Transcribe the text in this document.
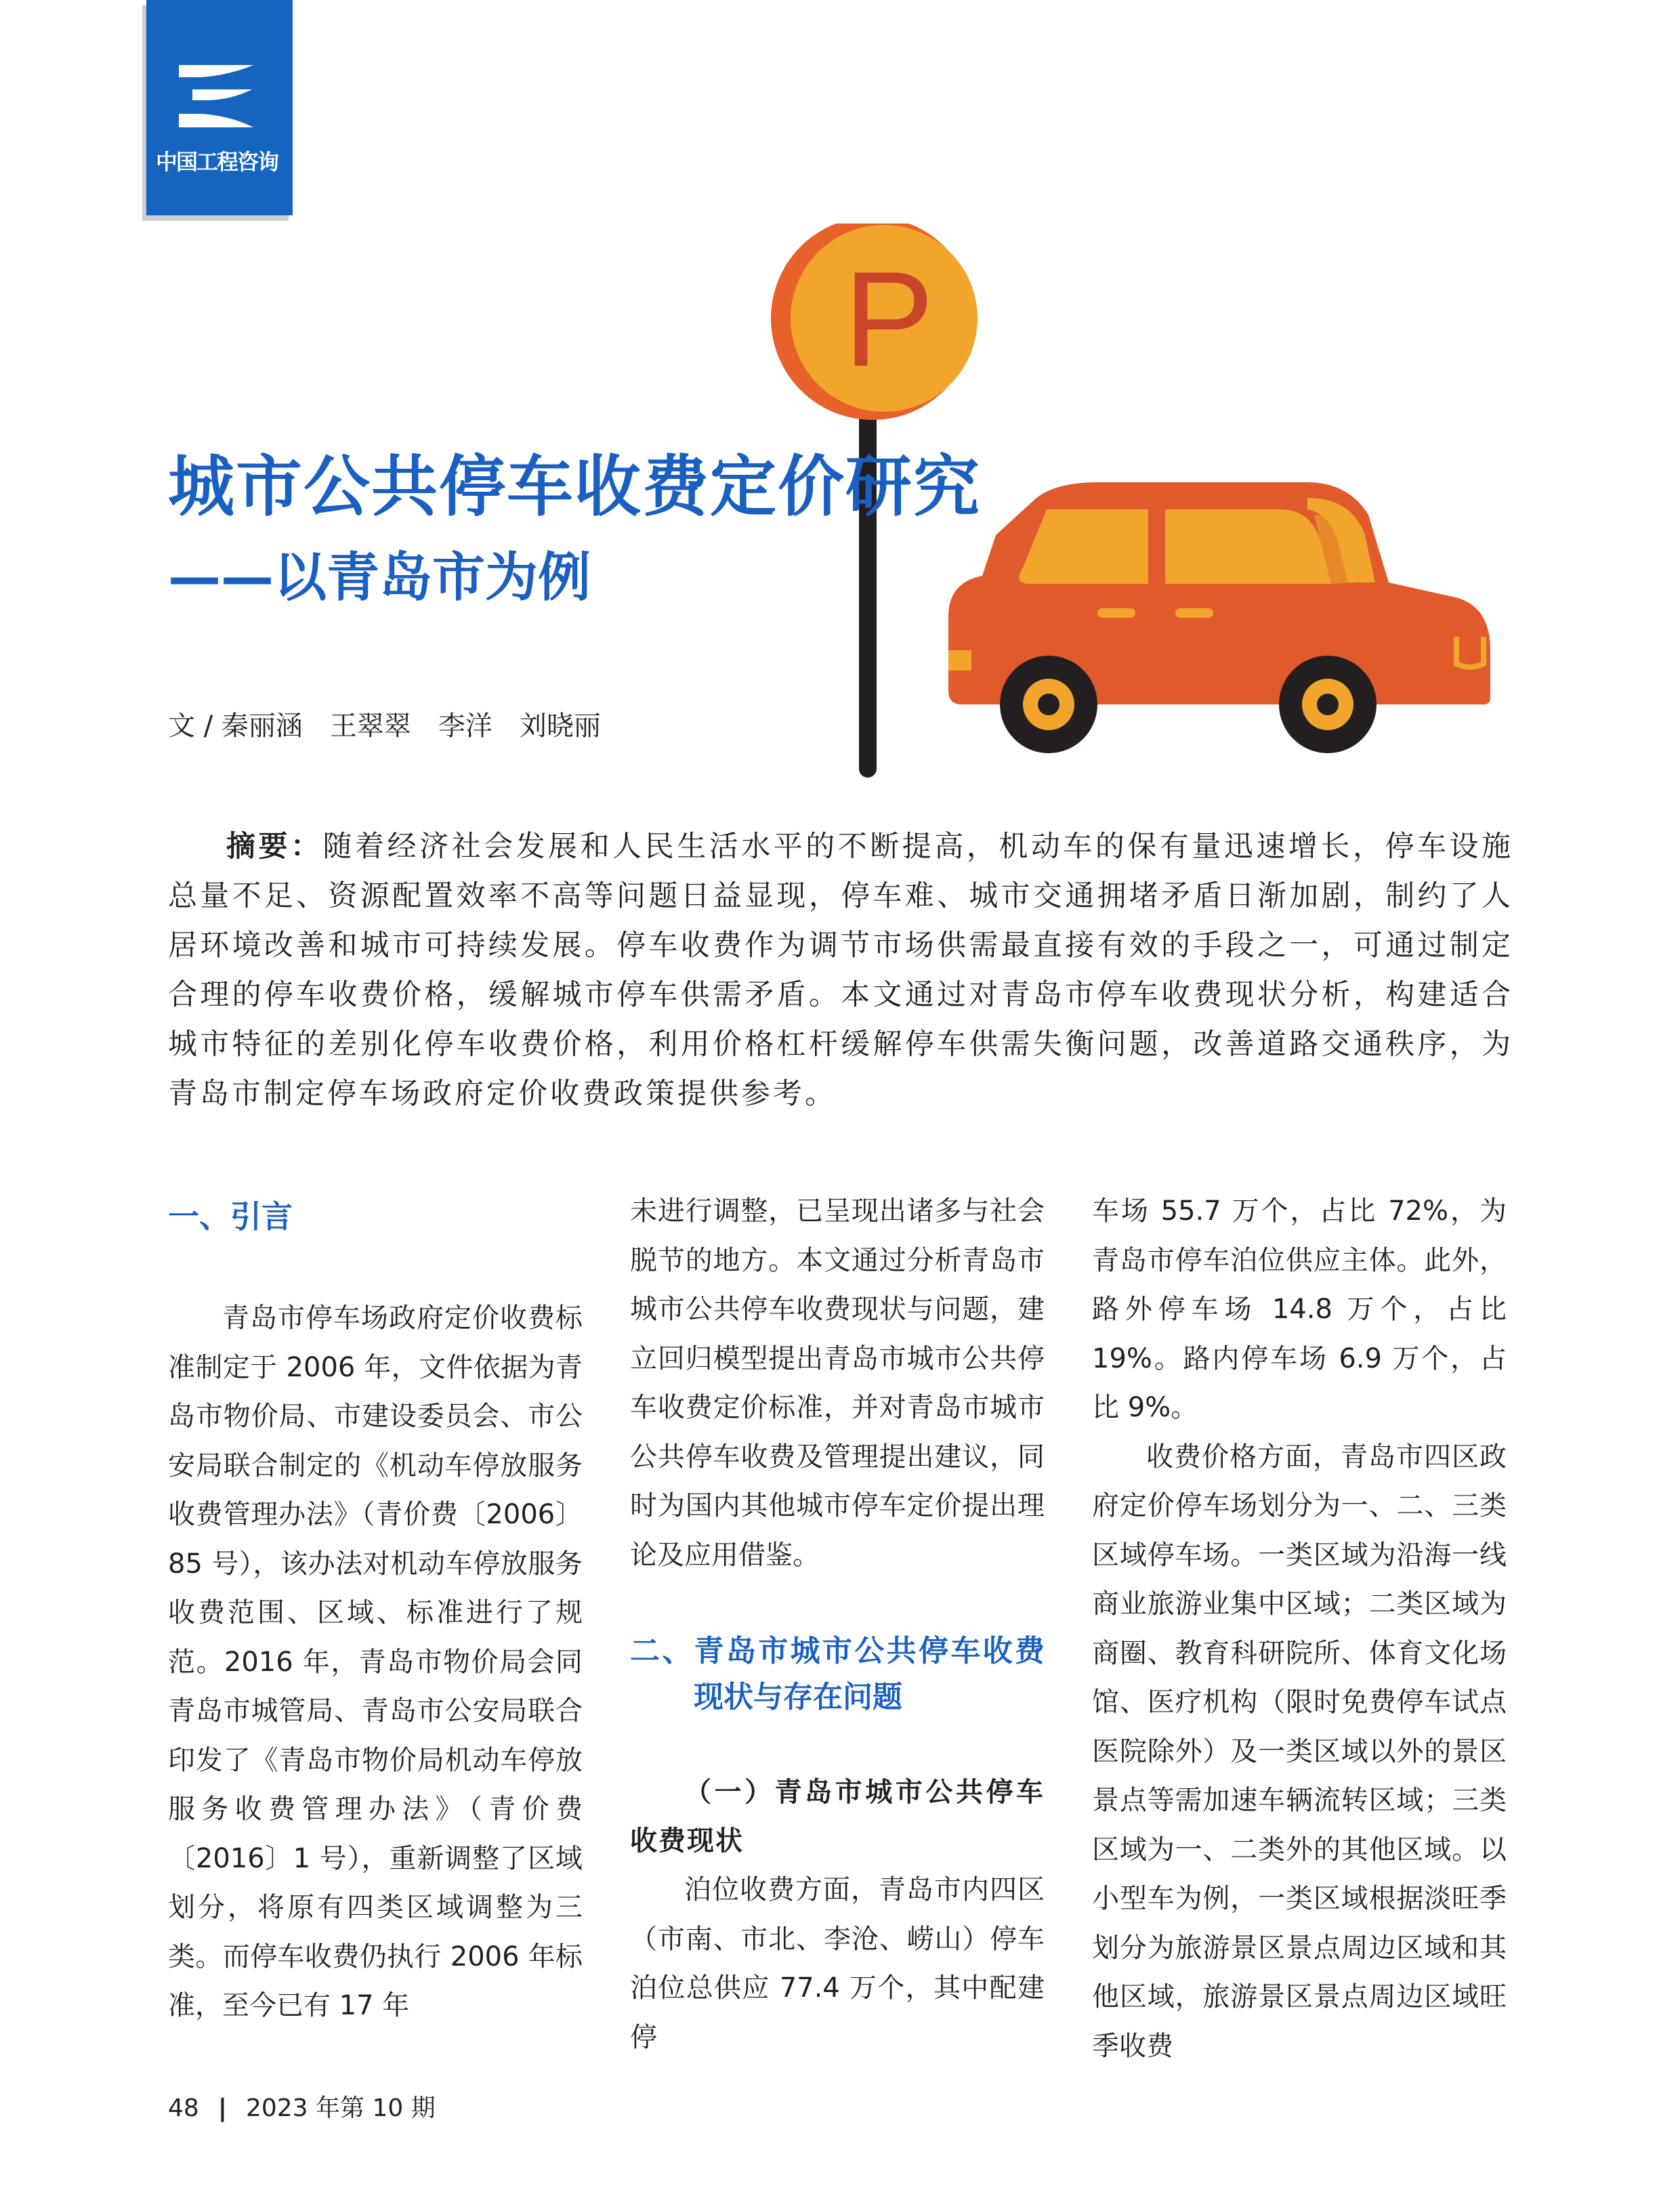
中国工程咨询
P
城市公共停车收费定价研究
——以青岛市为例
文 / 秦丽涵　王翠翠　李洋　刘晓丽

摘要：随着经济社会发展和人民生活水平的不断提高，机动车的保有量迅速增长，停车设施总量不足、资源配置效率不高等问题日益显现，停车难、城市交通拥堵矛盾日渐加剧，制约了人居环境改善和城市可持续发展。停车收费作为调节市场供需最直接有效的手段之一，可通过制定合理的停车收费价格，缓解城市停车供需矛盾。本文通过对青岛市停车收费现状分析，构建适合城市特征的差别化停车收费价格，利用价格杠杆缓解停车供需失衡问题，改善道路交通秩序，为青岛市制定停车场政府定价收费政策提供参考。

一、引言

青岛市停车场政府定价收费标准制定于 2006 年，文件依据为青岛市物价局、市建设委员会、市公安局联合制定的《机动车停放服务收费管理办法》（青价费〔2006〕85 号），该办法对机动车停放服务收费范围、区域、标准进行了规范。2016 年，青岛市物价局会同青岛市城管局、青岛市公安局联合印发了《青岛市物价局机动车停放服务收费管理办法》（青价费〔2016〕1 号），重新调整了区域划分，将原有四类区域调整为三类。而停车收费仍执行 2006 年标准，至今已有 17 年

未进行调整，已呈现出诸多与社会脱节的地方。本文通过分析青岛市城市公共停车收费现状与问题，建立回归模型提出青岛市城市公共停车收费定价标准，并对青岛市城市公共停车收费及管理提出建议，同时为国内其他城市停车定价提出理论及应用借鉴。

二、青岛市城市公共停车收费现状与存在问题
（一）青岛市城市公共停车收费现状

泊位收费方面，青岛市内四区（市南、市北、李沧、崂山）停车泊位总供应 77.4 万个，其中配建停

车场 55.7 万个，占比 72%，为青岛市停车泊位供应主体。此外，路外停车场 14.8 万个，占比 19%。路内停车场 6.9 万个，占比 9%。

收费价格方面，青岛市四区政府定价停车场划分为一、二、三类区域停车场。一类区域为沿海一线商业旅游业集中区域；二类区域为商圈、教育科研院所、体育文化场馆、医疗机构（限时免费停车试点医院除外）及一类区域以外的景区景点等需加速车辆流转区域；三类区域为一、二类外的其他区域。以小型车为例，一类区域根据淡旺季划分为旅游景区景点周边区域和其他区域，旅游景区景点周边区域旺季收费

48 | 2023 年第 10 期
